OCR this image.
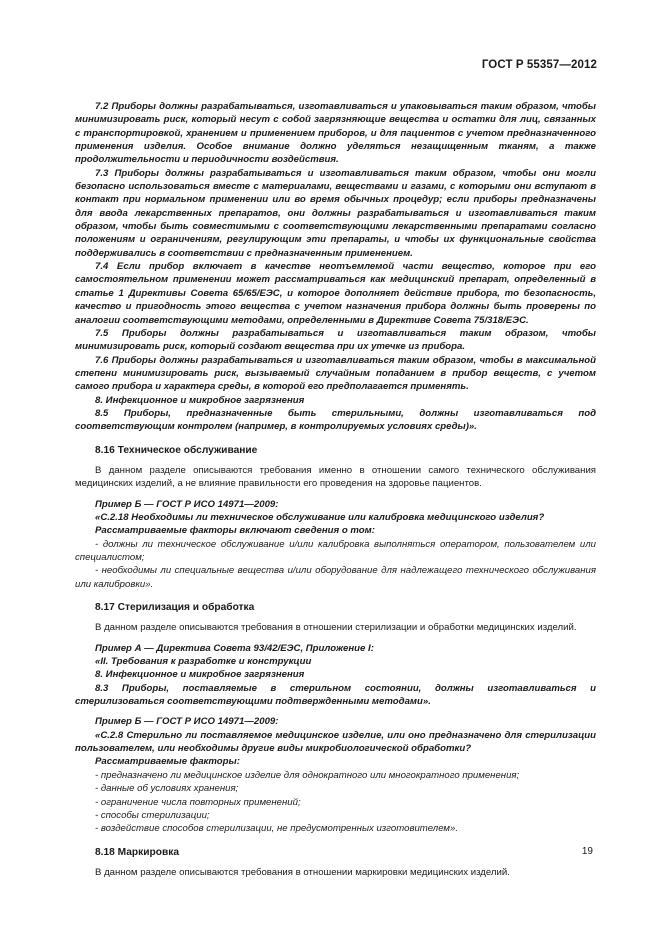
ГОСТ Р 55357—2012

7.2 Приборы должны разрабатываться, изготавливаться и упаковываться таким образом, чтобы минимизировать риск, который несут с собой загрязняющие вещества и остатки для лиц, связанных с транспортировкой, хранением и применением приборов, и для пациентов с учетом предназначенного применения изделия. Особое внимание должно уделяться незащищенным тканям, а также продолжительности и периодичности воздействия.

7.3 Приборы должны разрабатываться и изготавливаться таким образом, чтобы они могли безопасно использоваться вместе с материалами, веществами и газами, с которыми они вступают в контакт при нормальном применении или во время обычных процедур; если приборы предназначены для ввода лекарственных препаратов, они должны разрабатываться и изготавливаться таким образом, чтобы быть совместимыми с соответствующими лекарственными препаратами согласно положениям и ограничениям, регулирующим эти препараты, и чтобы их функциональные свойства поддерживались в соответствии с предназначенным применением.

7.4 Если прибор включает в качестве неотъемлемой части вещество, которое при его самостоятельном применении может рассматриваться как медицинский препарат, определенный в статье 1 Директивы Совета 65/65/ЕЭС, и которое дополняет действие прибора, то безопасность, качество и пригодность этого вещества с учетом назначения прибора должны быть проверены по аналогии соответствующими методами, определенными в Директиве Совета 75/318/ЕЭС.

7.5 Приборы должны разрабатываться и изготавливаться таким образом, чтобы минимизировать риск, который создают вещества при их утечке из прибора.

7.6 Приборы должны разрабатываться и изготавливаться таким образом, чтобы в максимальной степени минимизировать риск, вызываемый случайным попаданием в прибор веществ, с учетом самого прибора и характера среды, в которой его предполагается применять.

8. Инфекционное и микробное загрязнения

8.5 Приборы, предназначенные быть стерильными, должны изготавливаться под соответствующим контролем (например, в контролируемых условиях среды)».

8.16 Техническое обслуживание

В данном разделе описываются требования именно в отношении самого технического обслуживания медицинских изделий, а не влияние правильности его проведения на здоровье пациентов.

Пример Б — ГОСТ Р ИСО 14971—2009:

«С.2.18 Необходимы ли техническое обслуживание или калибровка медицинского изделия?

Рассматриваемые факторы включают сведения о том:

- должны ли техническое обслуживание и/или калибровка выполняться оператором, пользователем или специалистом;

- необходимы ли специальные вещества и/или оборудование для надлежащего технического обслуживания или калибровки».

8.17 Стерилизация и обработка

В данном разделе описываются требования в отношении стерилизации и обработки медицинских изделий.

Пример А — Директива Совета 93/42/ЕЭС, Приложение I:

«II. Требования к разработке и конструкции

8. Инфекционное и микробное загрязнения

8.3 Приборы, поставляемые в стерильном состоянии, должны изготавливаться и стерилизоваться соответствующими подтвержденными методами».

Пример Б — ГОСТ Р ИСО 14971—2009:

«С.2.8 Стерильно ли поставляемое медицинское изделие, или оно предназначено для стерилизации пользователем, или необходимы другие виды микробиологической обработки?

Рассматриваемые факторы:

- предназначено ли медицинское изделие для однократного или многократного применения;

- данные об условиях хранения;

- ограничение числа повторных применений;

- способы стерилизации;

- воздействие способов стерилизации, не предусмотренных изготовителем».

8.18 Маркировка

В данном разделе описываются требования в отношении маркировки медицинских изделий.

19
